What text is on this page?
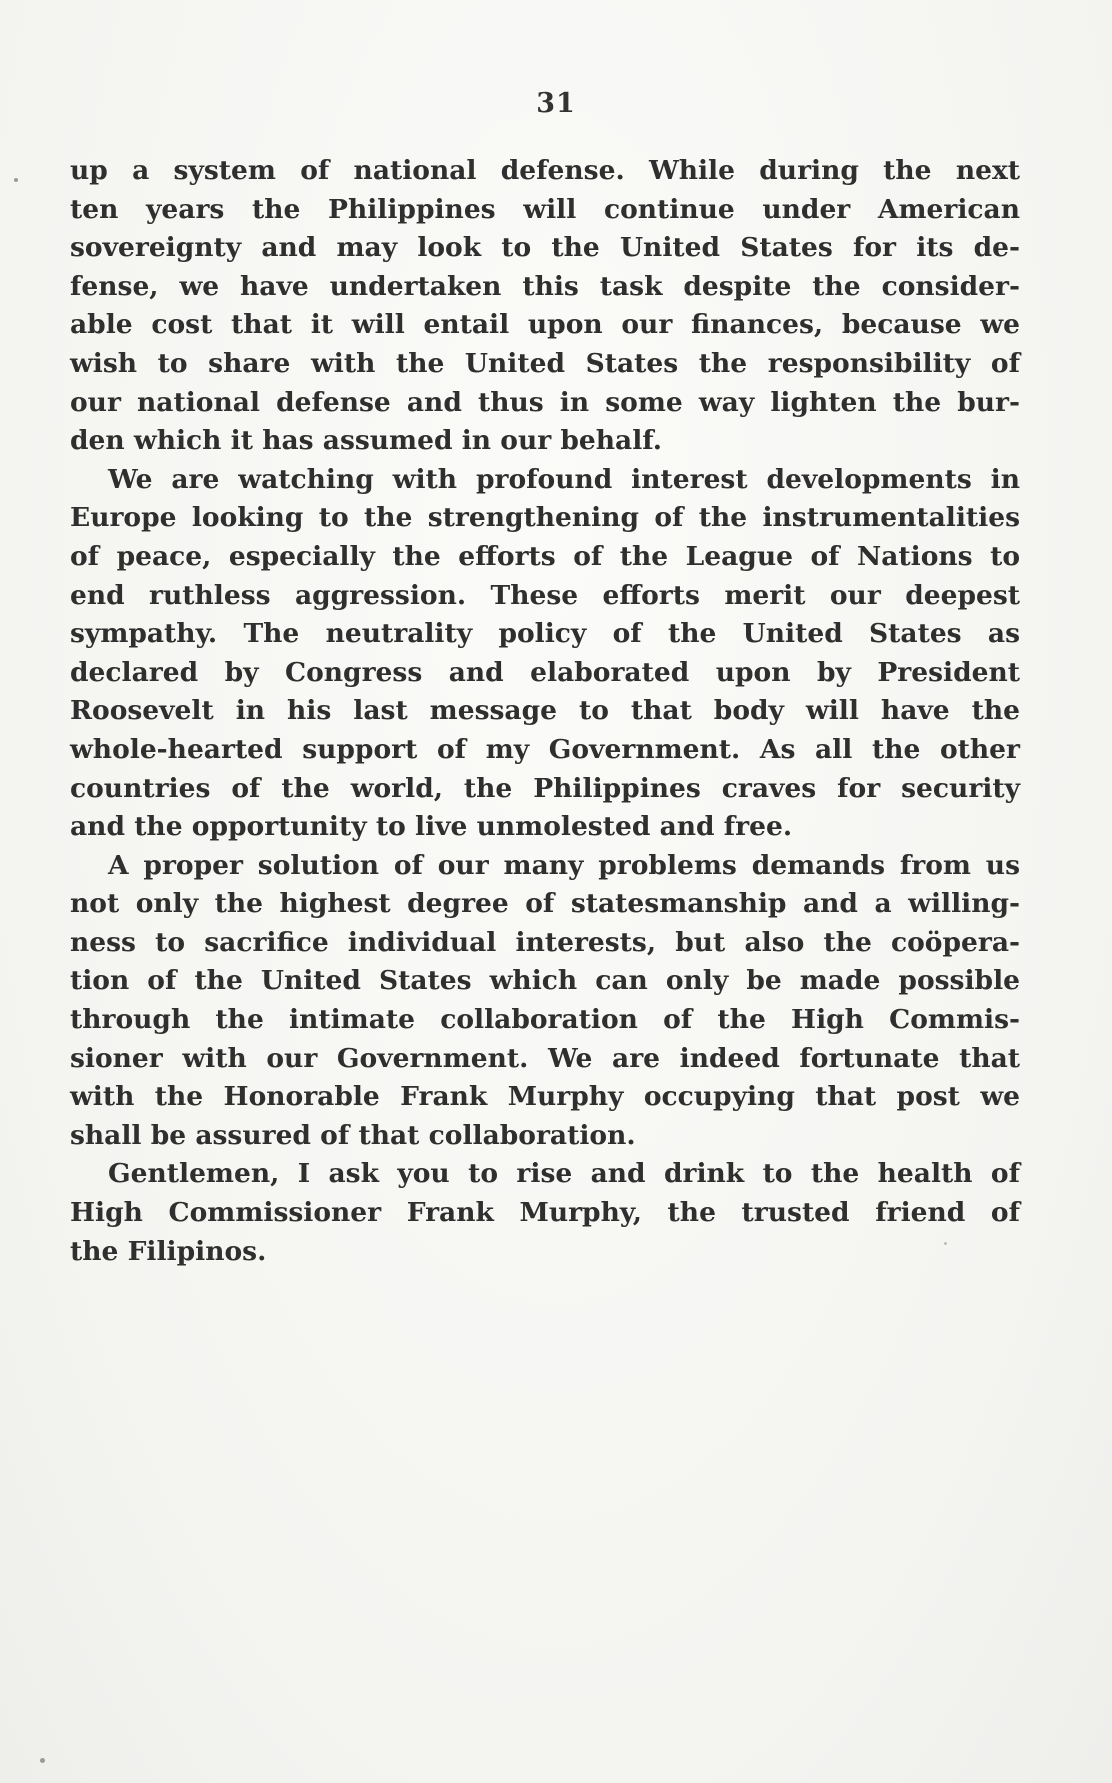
31
up a system of national defense. While during the next
ten years the Philippines will continue under American
sovereignty and may look to the United States for its de-
fense, we have undertaken this task despite the consider-
able cost that it will entail upon our finances, because we
wish to share with the United States the responsibility of
our national defense and thus in some way lighten the bur-
den which it has assumed in our behalf.
We are watching with profound interest developments in
Europe looking to the strengthening of the instrumentalities
of peace, especially the efforts of the League of Nations to
end ruthless aggression. These efforts merit our deepest
sympathy. The neutrality policy of the United States as
declared by Congress and elaborated upon by President
Roosevelt in his last message to that body will have the
whole-hearted support of my Government. As all the other
countries of the world, the Philippines craves for security
and the opportunity to live unmolested and free.
A proper solution of our many problems demands from us
not only the highest degree of statesmanship and a willing-
ness to sacrifice individual interests, but also the coöpera-
tion of the United States which can only be made possible
through the intimate collaboration of the High Commis-
sioner with our Government. We are indeed fortunate that
with the Honorable Frank Murphy occupying that post we
shall be assured of that collaboration.
Gentlemen, I ask you to rise and drink to the health of
High Commissioner Frank Murphy, the trusted friend of
the Filipinos.
